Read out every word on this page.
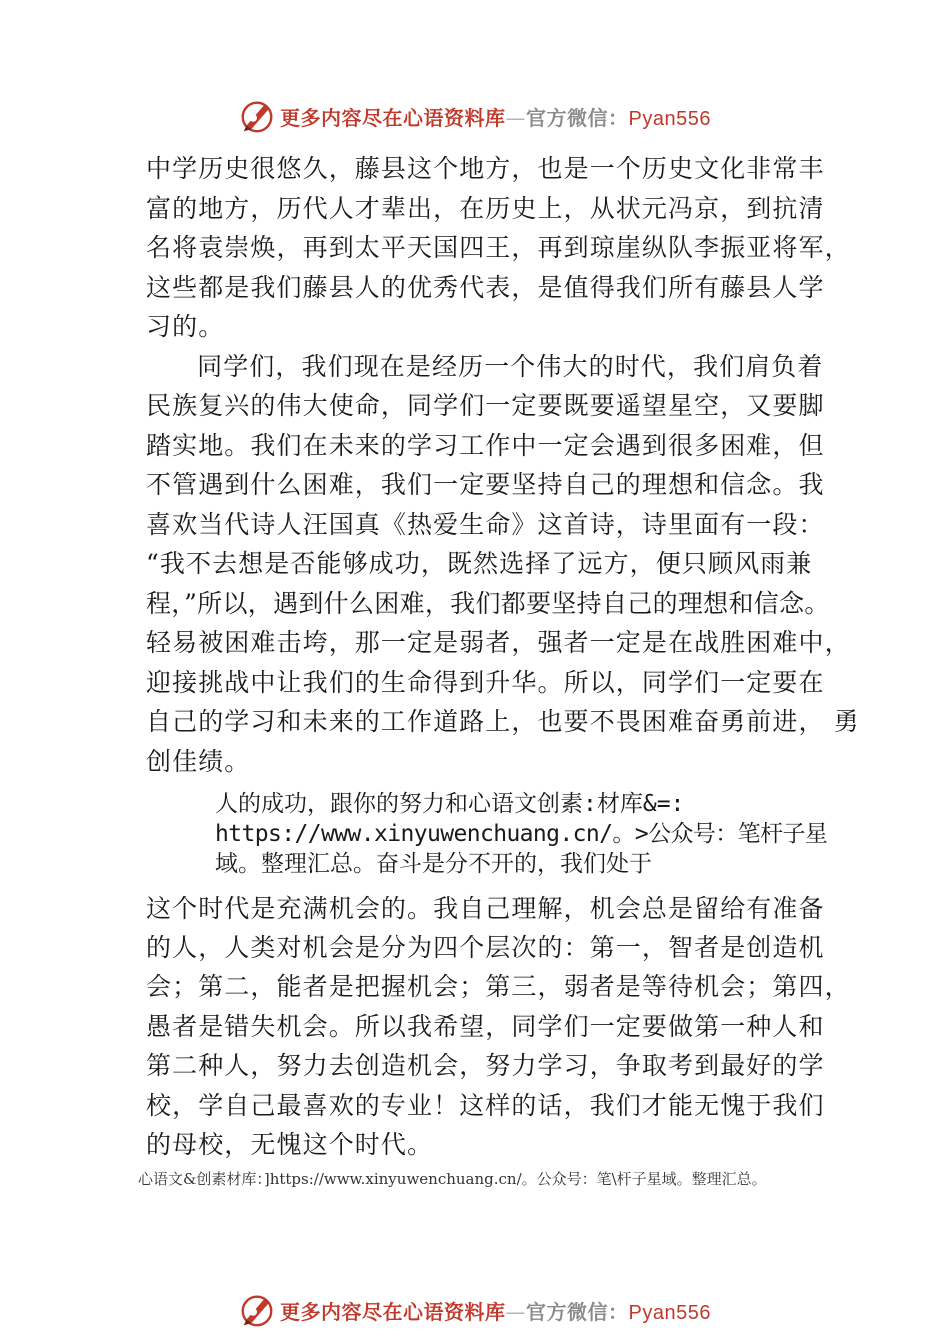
更多内容尽在心语资料库—官方微信：Pyan556
中学历史很悠久，藤县这个地方，也是一个历史文化非常丰
富的地方，历代人才辈出，在历史上，从状元冯京，到抗清
名将袁崇焕，再到太平天国四王，再到琼崖纵队李振亚将军，
这些都是我们藤县人的优秀代表，是值得我们所有藤县人学
习的。
　同学们，我们现在是经历一个伟大的时代，我们肩负着
民族复兴的伟大使命，同学们一定要既要遥望星空，又要脚
踏实地。我们在未来的学习工作中一定会遇到很多困难，但
不管遇到什么困难，我们一定要坚持自己的理想和信念。我
喜欢当代诗人汪国真《热爱生命》这首诗，诗里面有一段：
“我不去想是否能够成功，既然选择了远方，便只顾风雨兼
程，”所以，遇到什么困难，我们都要坚持自己的理想和信念。
轻易被困难击垮，那一定是弱者，强者一定是在战胜困难中，
迎接挑战中让我们的生命得到升华。所以，同学们一定要在
自己的学习和未来的工作道路上，也要不畏困难奋勇前进， 勇
创佳绩。
人的成功，跟你的努力和心语文创素:材库&=:
https://www.xinyuwenchuang.cn/。>公众号：笔杆子星
域。整理汇总。奋斗是分不开的，我们处于
这个时代是充满机会的。我自己理解，机会总是留给有准备
的人，人类对机会是分为四个层次的：第一，智者是创造机
会；第二，能者是把握机会；第三，弱者是等待机会；第四，
愚者是错失机会。所以我希望，同学们一定要做第一种人和
第二种人，努力去创造机会，努力学习，争取考到最好的学
校，学自己最喜欢的专业！这样的话，我们才能无愧于我们
的母校，无愧这个时代。
心语文&创素材库：]https://www.xinyuwenchuang.cn/。公众号：笔\杆子星域。整理汇总。
更多内容尽在心语资料库—官方微信：Pyan556
